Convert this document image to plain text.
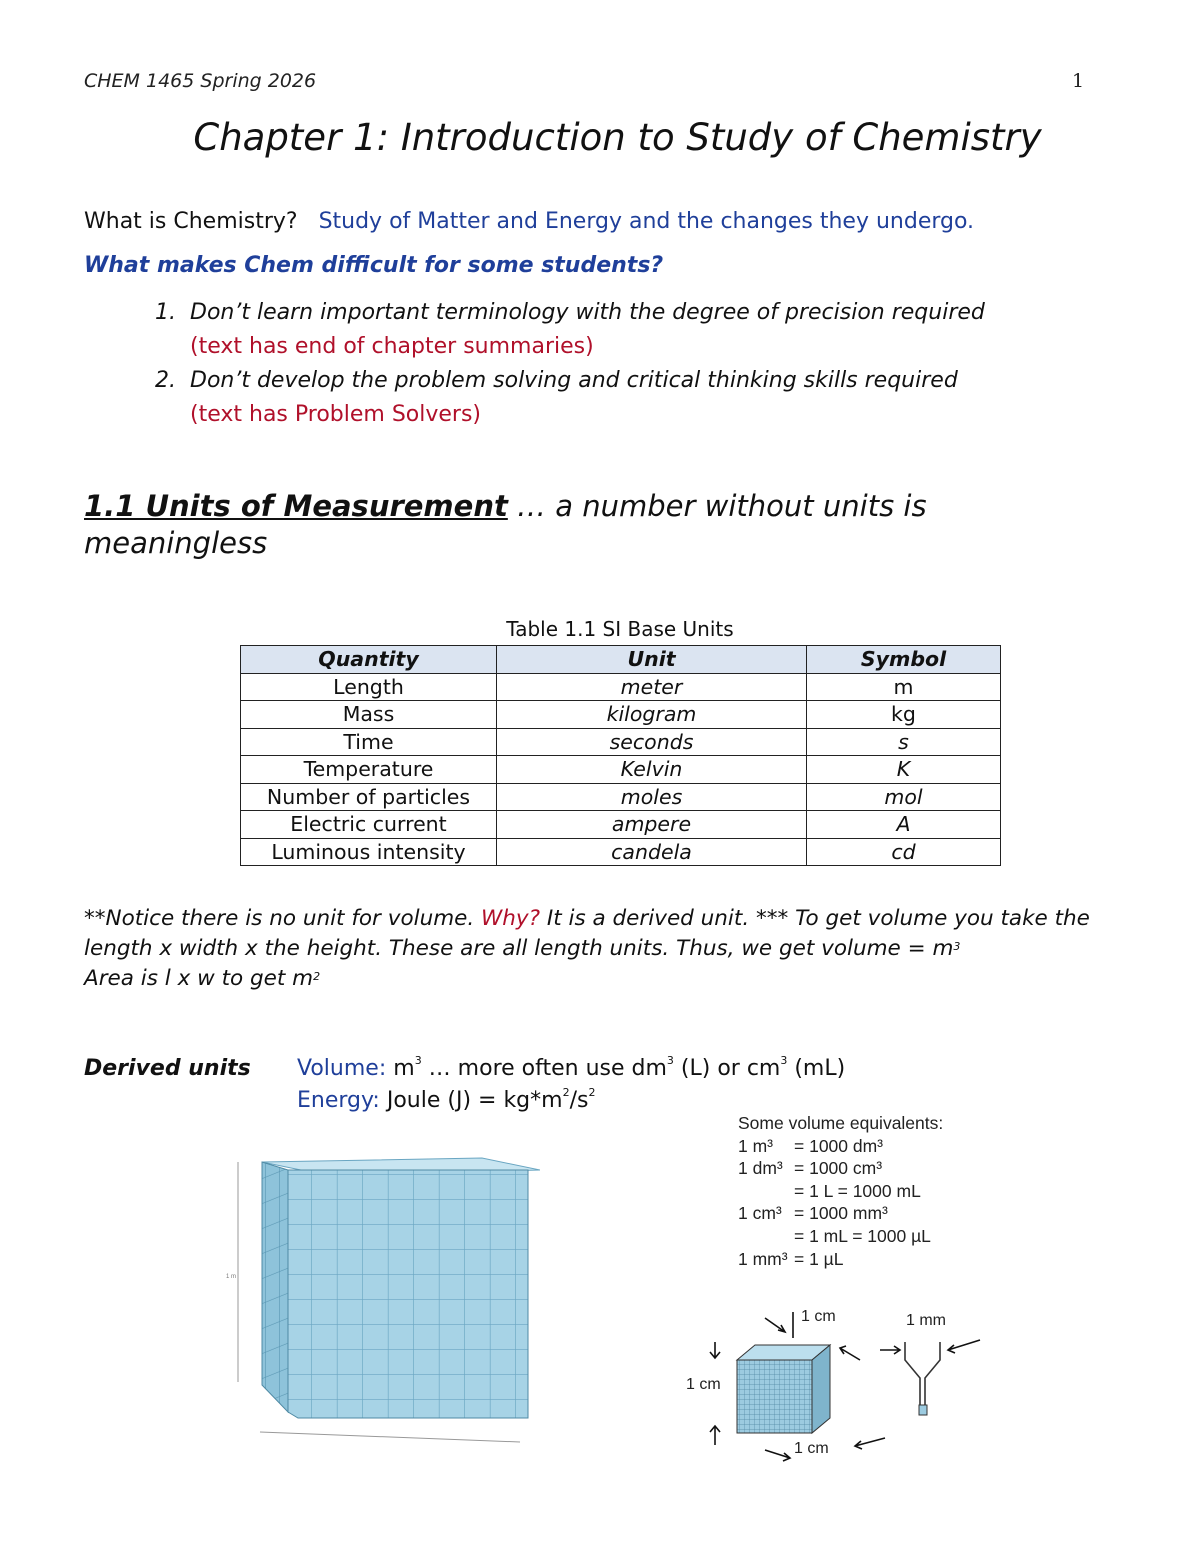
CHEM 1465 Spring 2026	1
Chapter 1: Introduction to Study of Chemistry
What is Chemistry? Study of Matter and Energy and the changes they undergo.
What makes Chem difficult for some students?
1. Don’t learn important terminology with the degree of precision required
(text has end of chapter summaries)
2. Don’t develop the problem solving and critical thinking skills required
(text has Problem Solvers)
1.1 Units of Measurement … a number without units is meaningless
Table 1.1 SI Base Units
Quantity	Unit	Symbol
Length	meter	m
Mass	kilogram	kg
Time	seconds	s
Temperature	Kelvin	K
Number of particles	moles	mol
Electric current	ampere	A
Luminous intensity	candela	cd
**Notice there is no unit for volume. Why? It is a derived unit. *** To get volume you take the length x width x the height. These are all length units. Thus, we get volume = $m^3$
Area is l x w to get $m^2$
Derived units Volume: $m^3$ … more often use $dm^3$ (L) or $cm^3$ (mL)
Energy: Joule $(J) = kg*m^2/s^2$
1 m
Some volume equivalents:
1 m³ = 1000 dm³
1 dm³ = 1000 cm³
= 1 L = 1000 mL
1 cm³ = 1000 mm³
= 1 mL = 1000 µL
1 mm³ = 1 µL
1 cm
1 cm
1 cm
1 mm
